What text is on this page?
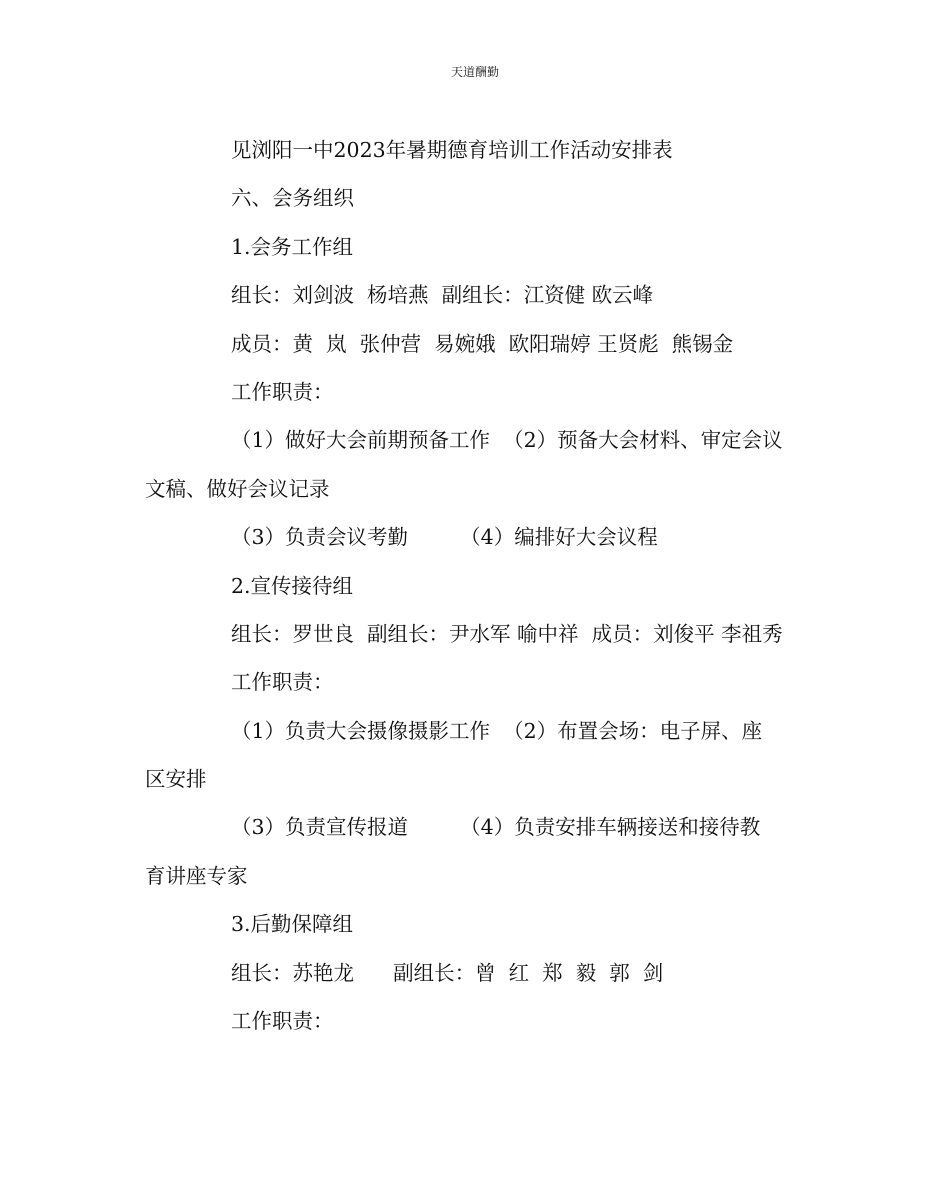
天道酬勤
见浏阳一中2023年暑期德育培训工作活动安排表
六、会务组织
1.会务工作组
组长：刘剑波  杨培燕  副组长：江资健 欧云峰
成员：黄  岚  张仲营  易婉娥  欧阳瑞婷 王贤彪  熊锡金
工作职责：
（1）做好大会前期预备工作  （2）预备大会材料、审定会议
文稿、做好会议记录
（3）负责会议考勤        （4）编排好大会议程
2.宣传接待组
组长：罗世良  副组长：尹水军 喻中祥  成员：刘俊平 李祖秀
工作职责：
（1）负责大会摄像摄影工作  （2）布置会场：电子屏、座
区安排
（3）负责宣传报道        （4）负责安排车辆接送和接待教
育讲座专家
3.后勤保障组
组长：苏艳龙      副组长：曾  红  郑  毅  郭  剑
工作职责：
